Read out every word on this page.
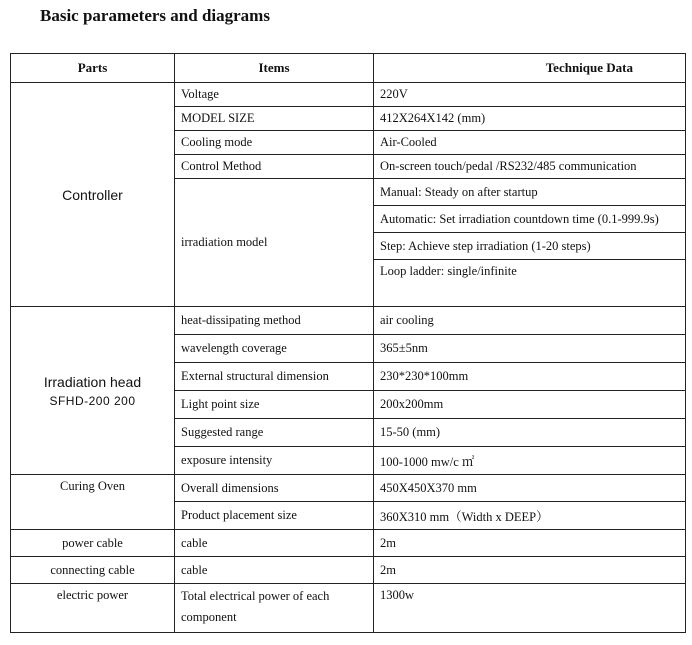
Basic parameters and diagrams
Parts	Items	Technique Data
Controller	Voltage	220V
	MODEL SIZE	412X264X142 (mm)
	Cooling mode	Air-Cooled
	Control Method	On-screen touch/pedal /RS232/485 communication
	irradiation model	Manual: Steady on after startup
		Automatic: Set irradiation countdown time (0.1-999.9s)
		Step: Achieve step irradiation (1-20 steps)
		Loop ladder: single/infinite
Irradiation head
SFHD-200 200	heat-dissipating method	air cooling
	wavelength coverage	365±5nm
	External structural dimension	230*230*100mm
	Light point size	200x200mm
	Suggested range	15-50 (mm)
	exposure intensity	100-1000 mw/c ㎡
Curing Oven	Overall dimensions	450X450X370 mm
	Product placement size	360X310 mm（Width x DEEP）
power cable	cable	2m
connecting cable	cable	2m
electric power	Total electrical power of each component	1300w
